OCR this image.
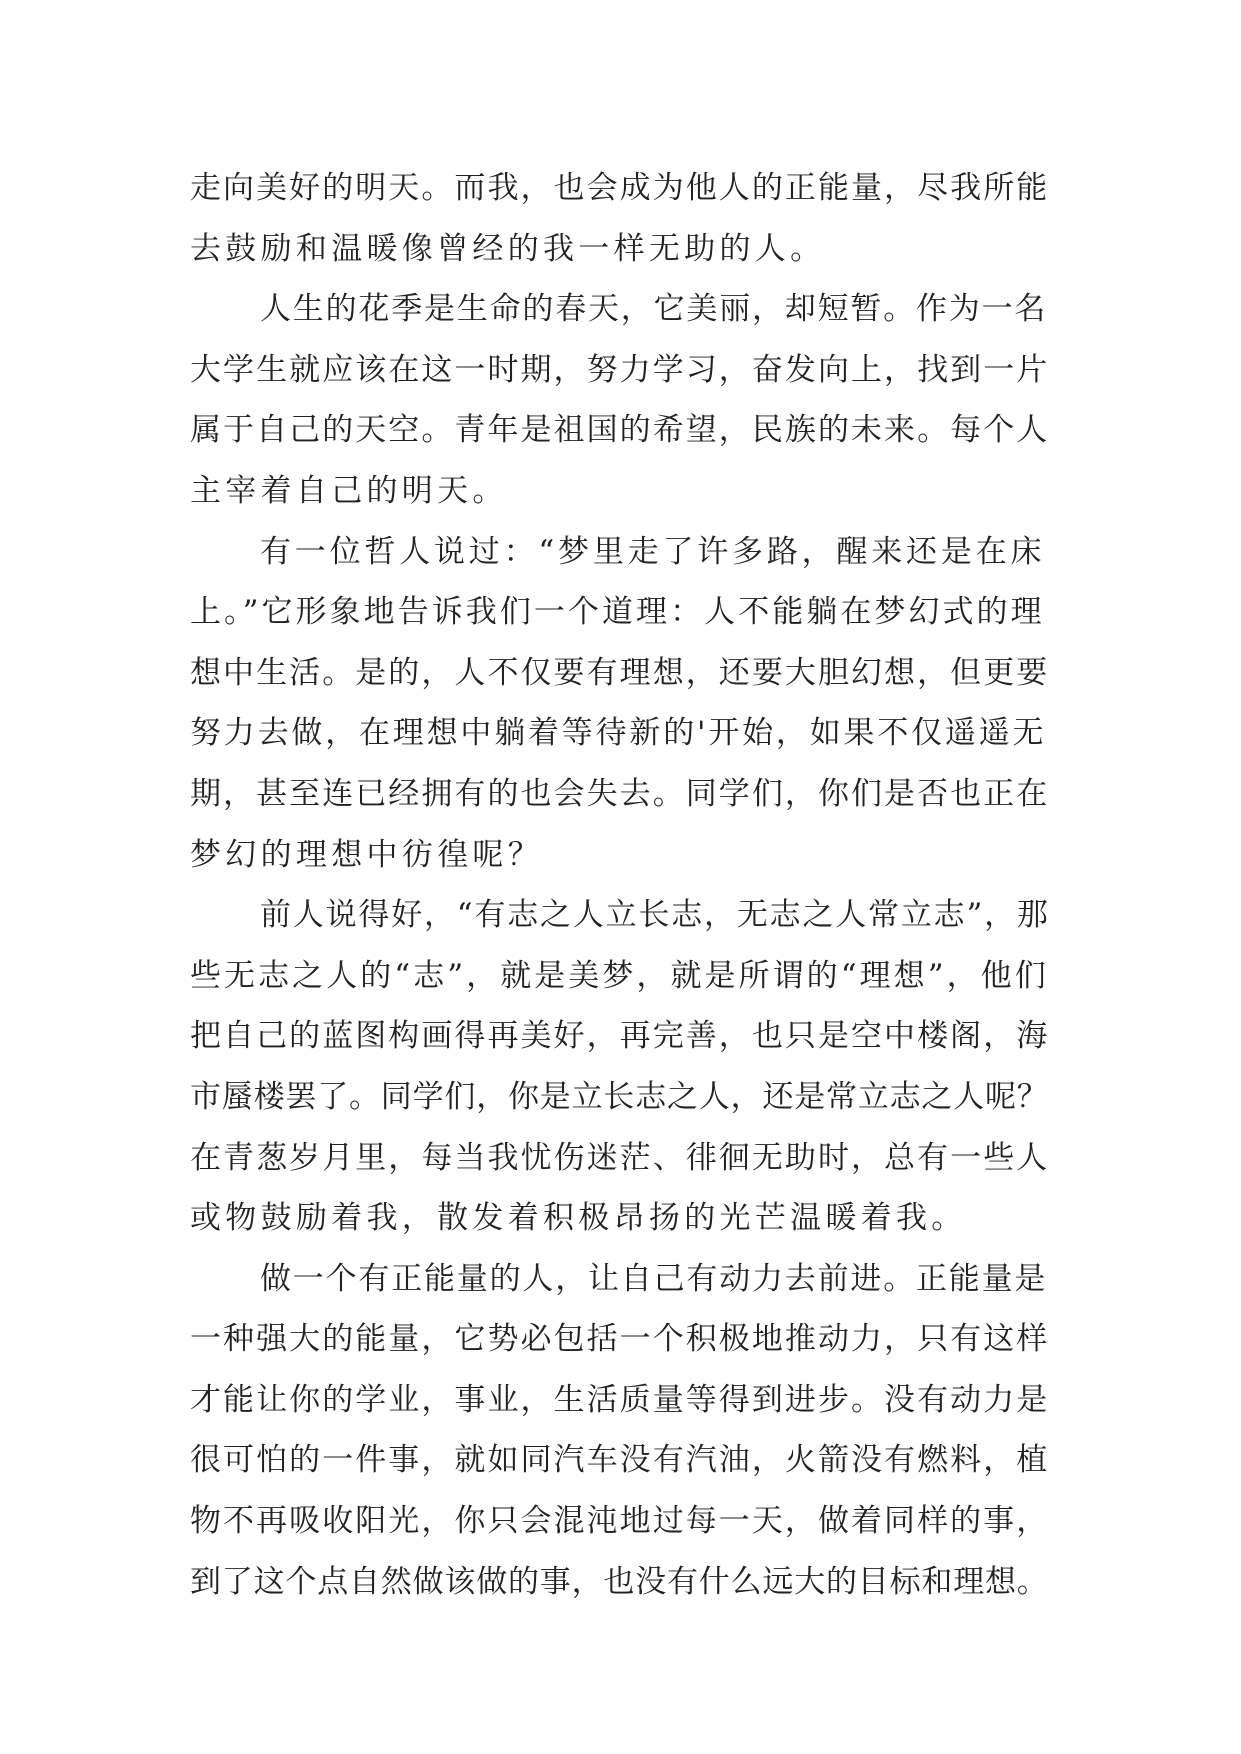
走向美好的明天。而我，也会成为他人的正能量，尽我所能
去鼓励和温暖像曾经的我一样无助的人。
人生的花季是生命的春天，它美丽，却短暂。作为一名
大学生就应该在这一时期，努力学习，奋发向上，找到一片
属于自己的天空。青年是祖国的希望，民族的未来。每个人
主宰着自己的明天。
有一位哲人说过：“梦里走了许多路，醒来还是在床
上。”它形象地告诉我们一个道理：人不能躺在梦幻式的理
想中生活。是的，人不仅要有理想，还要大胆幻想，但更要
努力去做，在理想中躺着等待新的'开始，如果不仅遥遥无
期，甚至连已经拥有的也会失去。同学们，你们是否也正在
梦幻的理想中彷徨呢？
前人说得好，“有志之人立长志，无志之人常立志”，那
些无志之人的“志”，就是美梦，就是所谓的“理想”，他们
把自己的蓝图构画得再美好，再完善，也只是空中楼阁，海
市蜃楼罢了。同学们，你是立长志之人，还是常立志之人呢？
在青葱岁月里，每当我忧伤迷茫、徘徊无助时，总有一些人
或物鼓励着我，散发着积极昂扬的光芒温暖着我。
做一个有正能量的人，让自己有动力去前进。正能量是
一种强大的能量，它势必包括一个积极地推动力，只有这样
才能让你的学业，事业，生活质量等得到进步。没有动力是
很可怕的一件事，就如同汽车没有汽油，火箭没有燃料，植
物不再吸收阳光，你只会混沌地过每一天，做着同样的事，
到了这个点自然做该做的事，也没有什么远大的目标和理想。
